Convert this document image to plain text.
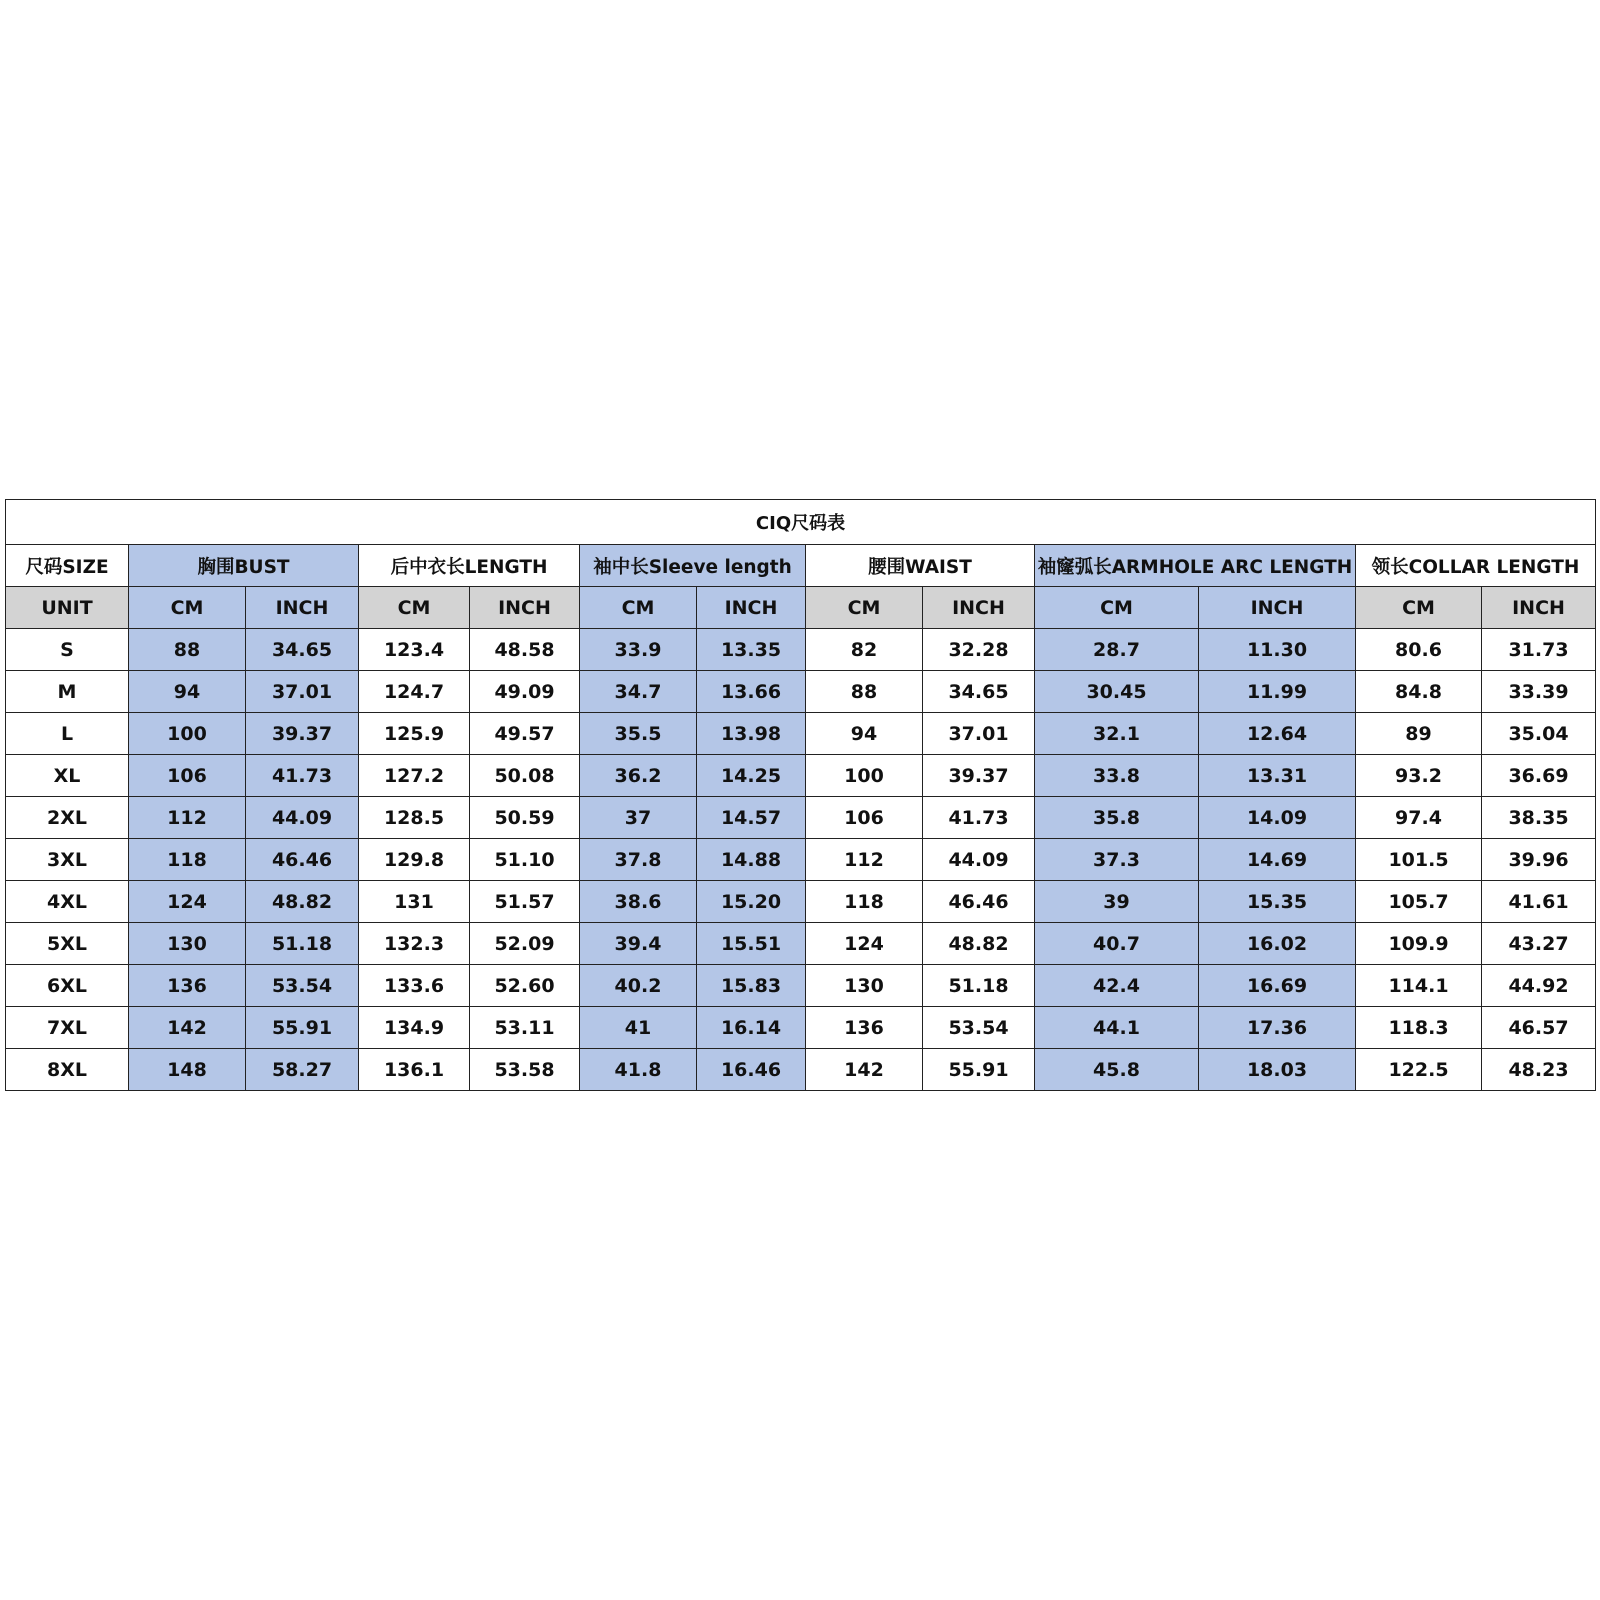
CIQ尺码表												
尺码SIZE	胸围BUST		后中衣长LENGTH		袖中长Sleeve length		腰围WAIST		袖窿弧长ARMHOLE ARC LENGTH		领长COLLAR LENGTH	
UNIT	CM	INCH	CM	INCH	CM	INCH	CM	INCH	CM	INCH	CM	INCH
S	88	34.65	123.4	48.58	33.9	13.35	82	32.28	28.7	11.30	80.6	31.73
M	94	37.01	124.7	49.09	34.7	13.66	88	34.65	30.45	11.99	84.8	33.39
L	100	39.37	125.9	49.57	35.5	13.98	94	37.01	32.1	12.64	89	35.04
XL	106	41.73	127.2	50.08	36.2	14.25	100	39.37	33.8	13.31	93.2	36.69
2XL	112	44.09	128.5	50.59	37	14.57	106	41.73	35.8	14.09	97.4	38.35
3XL	118	46.46	129.8	51.10	37.8	14.88	112	44.09	37.3	14.69	101.5	39.96
4XL	124	48.82	131	51.57	38.6	15.20	118	46.46	39	15.35	105.7	41.61
5XL	130	51.18	132.3	52.09	39.4	15.51	124	48.82	40.7	16.02	109.9	43.27
6XL	136	53.54	133.6	52.60	40.2	15.83	130	51.18	42.4	16.69	114.1	44.92
7XL	142	55.91	134.9	53.11	41	16.14	136	53.54	44.1	17.36	118.3	46.57
8XL	148	58.27	136.1	53.58	41.8	16.46	142	55.91	45.8	18.03	122.5	48.23
